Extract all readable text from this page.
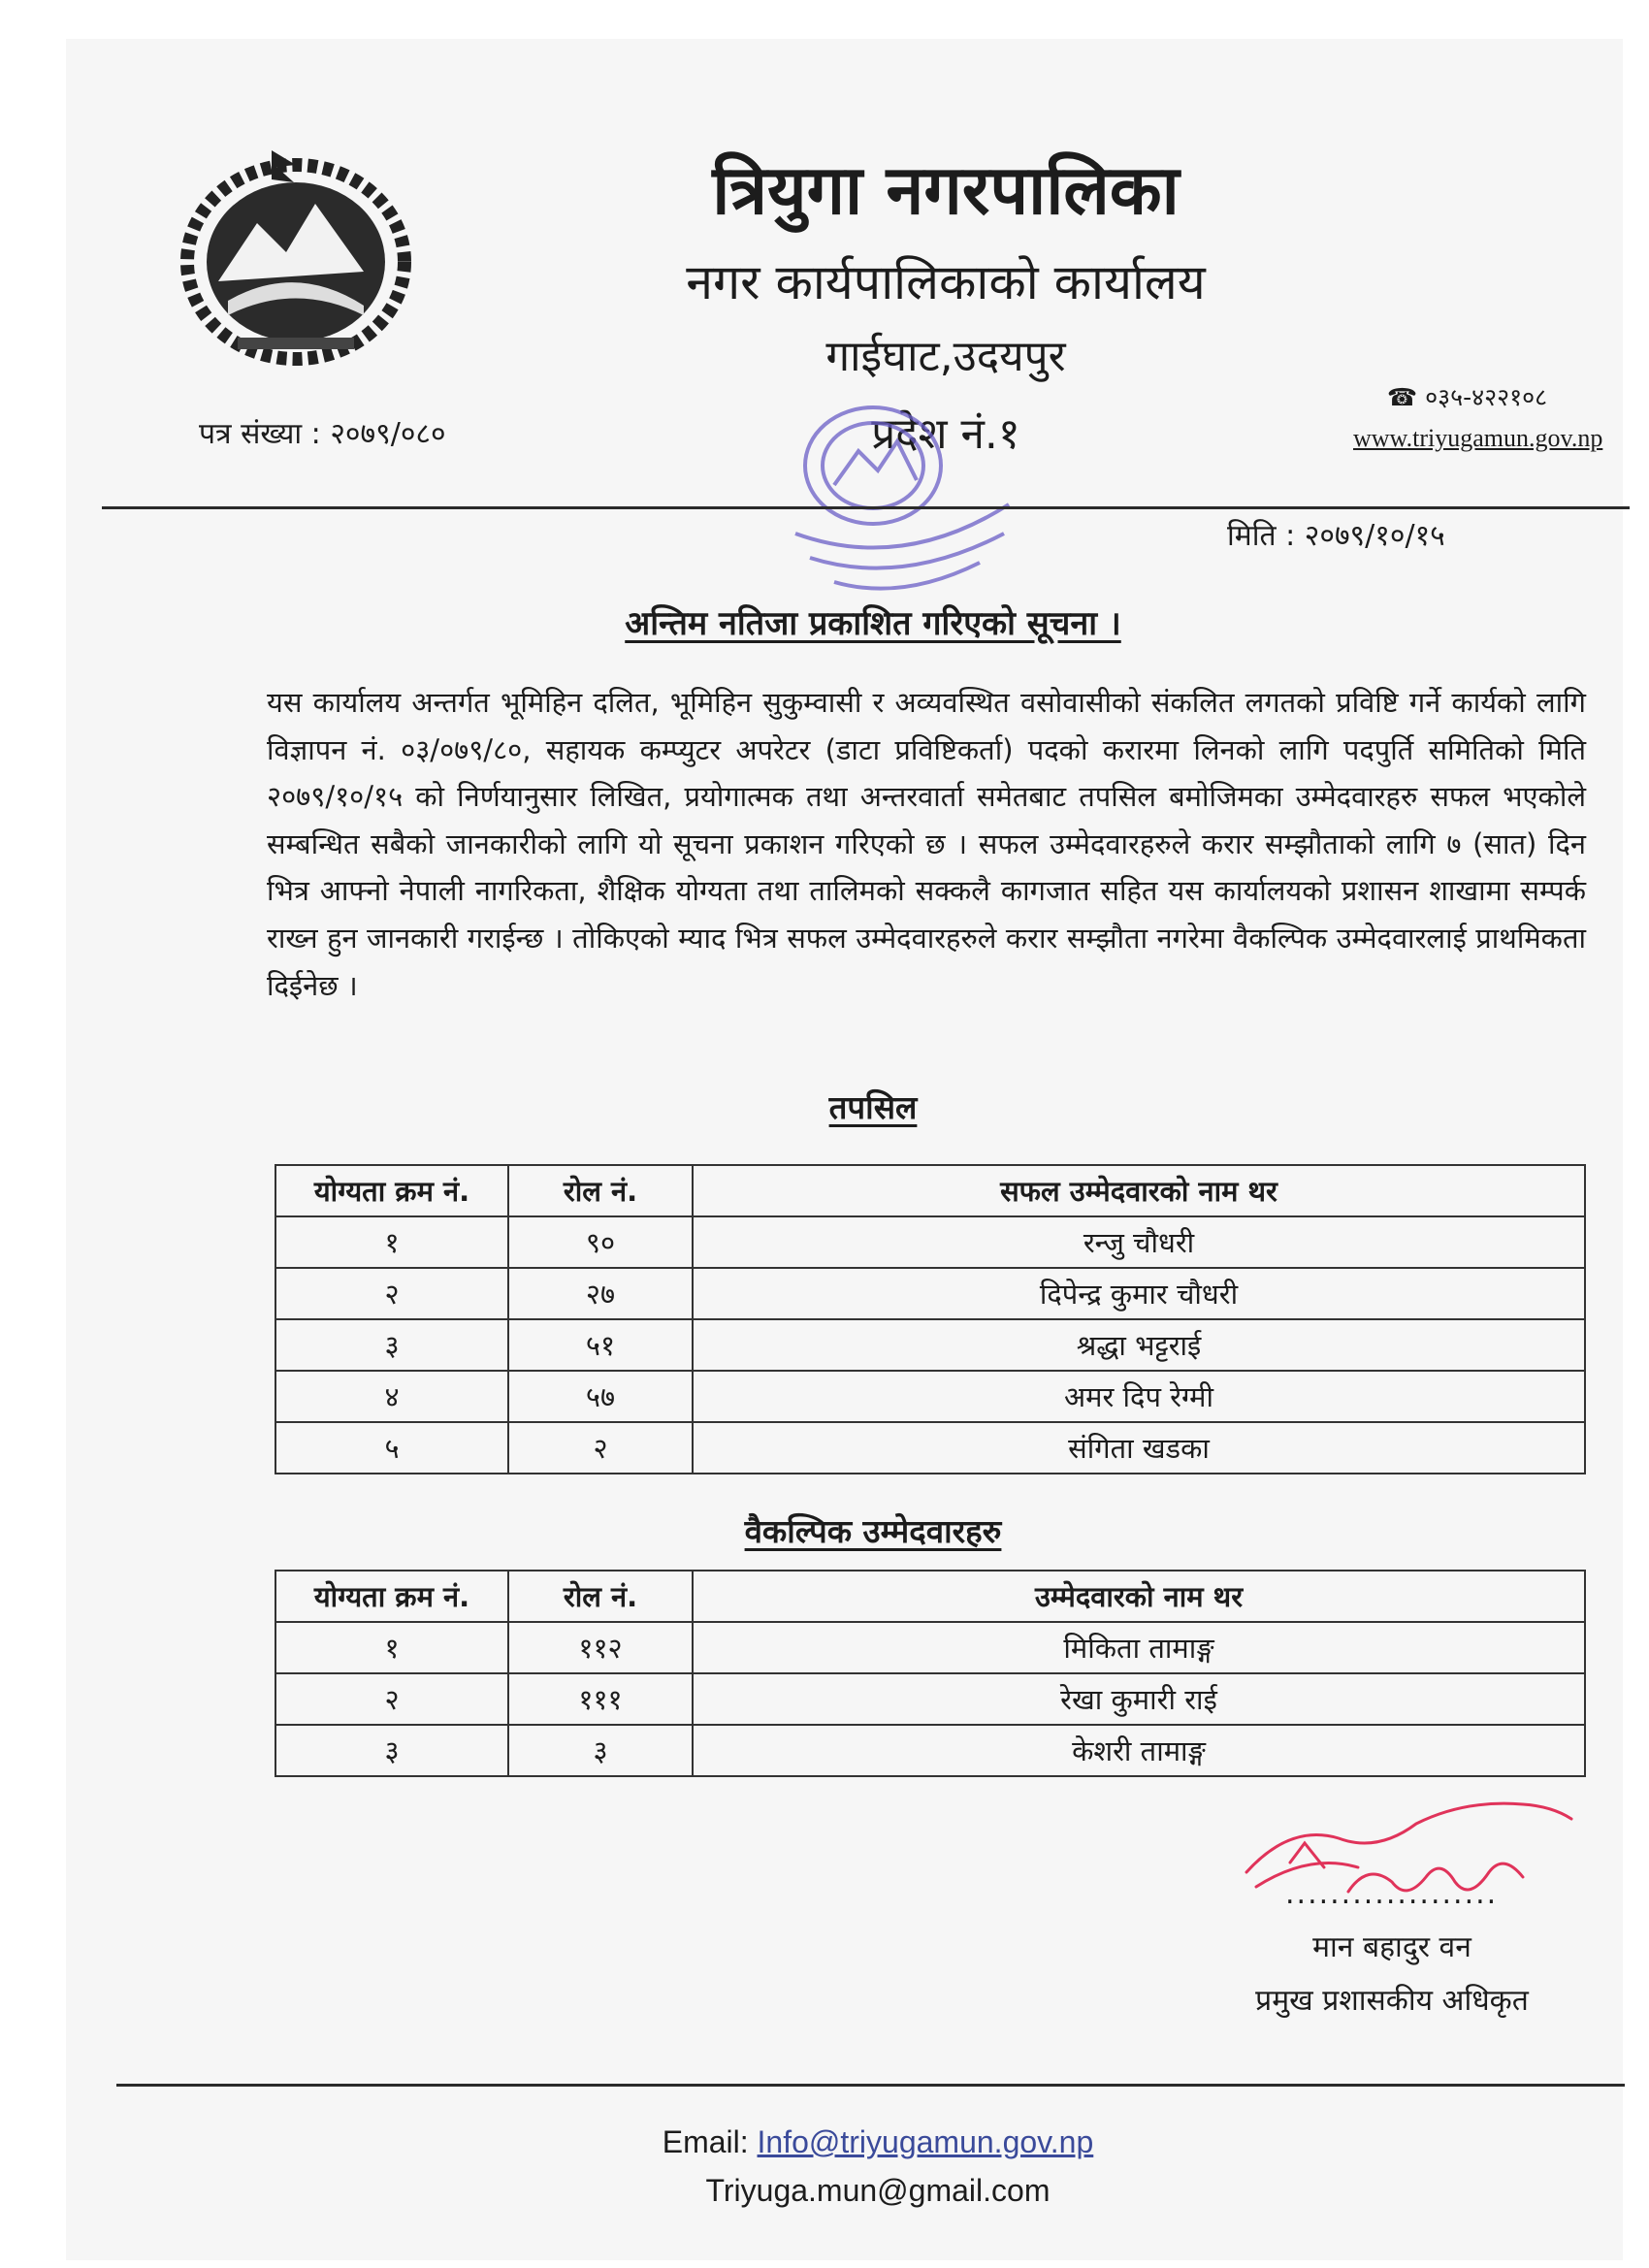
त्रियुगा नगरपालिका
नगर कार्यपालिकाको कार्यालय
गाईघाट,उदयपुर
प्रदेश नं.१
पत्र संख्या : २०७९/०८०
☎ ०३५-४२२१०८
www.triyugamun.gov.np
मिति : २०७९/१०/१५
अन्तिम नतिजा प्रकाशित गरिएको सूचना ।
यस कार्यालय अन्तर्गत भूमिहिन दलित, भूमिहिन सुकुम्वासी र अव्यवस्थित वसोवासीको संकलित लगतको प्रविष्टि गर्ने कार्यको लागि विज्ञापन नं. ०३/०७९/८०, सहायक कम्प्युटर अपरेटर (डाटा प्रविष्टिकर्ता) पदको करारमा लिनको लागि पदपुर्ति समितिको मिति २०७९/१०/१५ को निर्णयानुसार लिखित, प्रयोगात्मक तथा अन्तरवार्ता समेतबाट तपसिल बमोजिमका उम्मेदवारहरु सफल भएकोले सम्बन्धित सबैको जानकारीको लागि यो सूचना प्रकाशन गरिएको छ । सफल उम्मेदवारहरुले करार सम्झौताको लागि ७ (सात) दिन भित्र आफ्नो नेपाली नागरिकता, शैक्षिक योग्यता तथा तालिमको सक्कलै कागजात सहित यस कार्यालयको प्रशासन शाखामा सम्पर्क राख्न हुन जानकारी गराईन्छ । तोकिएको म्याद भित्र सफल उम्मेदवारहरुले करार सम्झौता नगरेमा वैकल्पिक उम्मेदवारलाई प्राथमिकता दिईनेछ ।
तपसिल
योग्यता क्रम नं.	रोल नं.	सफल उम्मेदवारको नाम थर
१	९०	रन्जु चौधरी
२	२७	दिपेन्द्र कुमार चौधरी
३	५१	श्रद्धा भट्टराई
४	५७	अमर दिप रेग्मी
५	२	संगिता खडका
वैकल्पिक उम्मेदवारहरु
योग्यता क्रम नं.	रोल नं.	उम्मेदवारको नाम थर
१	११२	मिकिता तामाङ्ग
२	१११	रेखा कुमारी राई
३	३	केशरी तामाङ्ग
...................
मान बहादुर वन
प्रमुख प्रशासकीय अधिकृत
Email: Info@triyugamun.gov.np
Triyuga.mun@gmail.com
